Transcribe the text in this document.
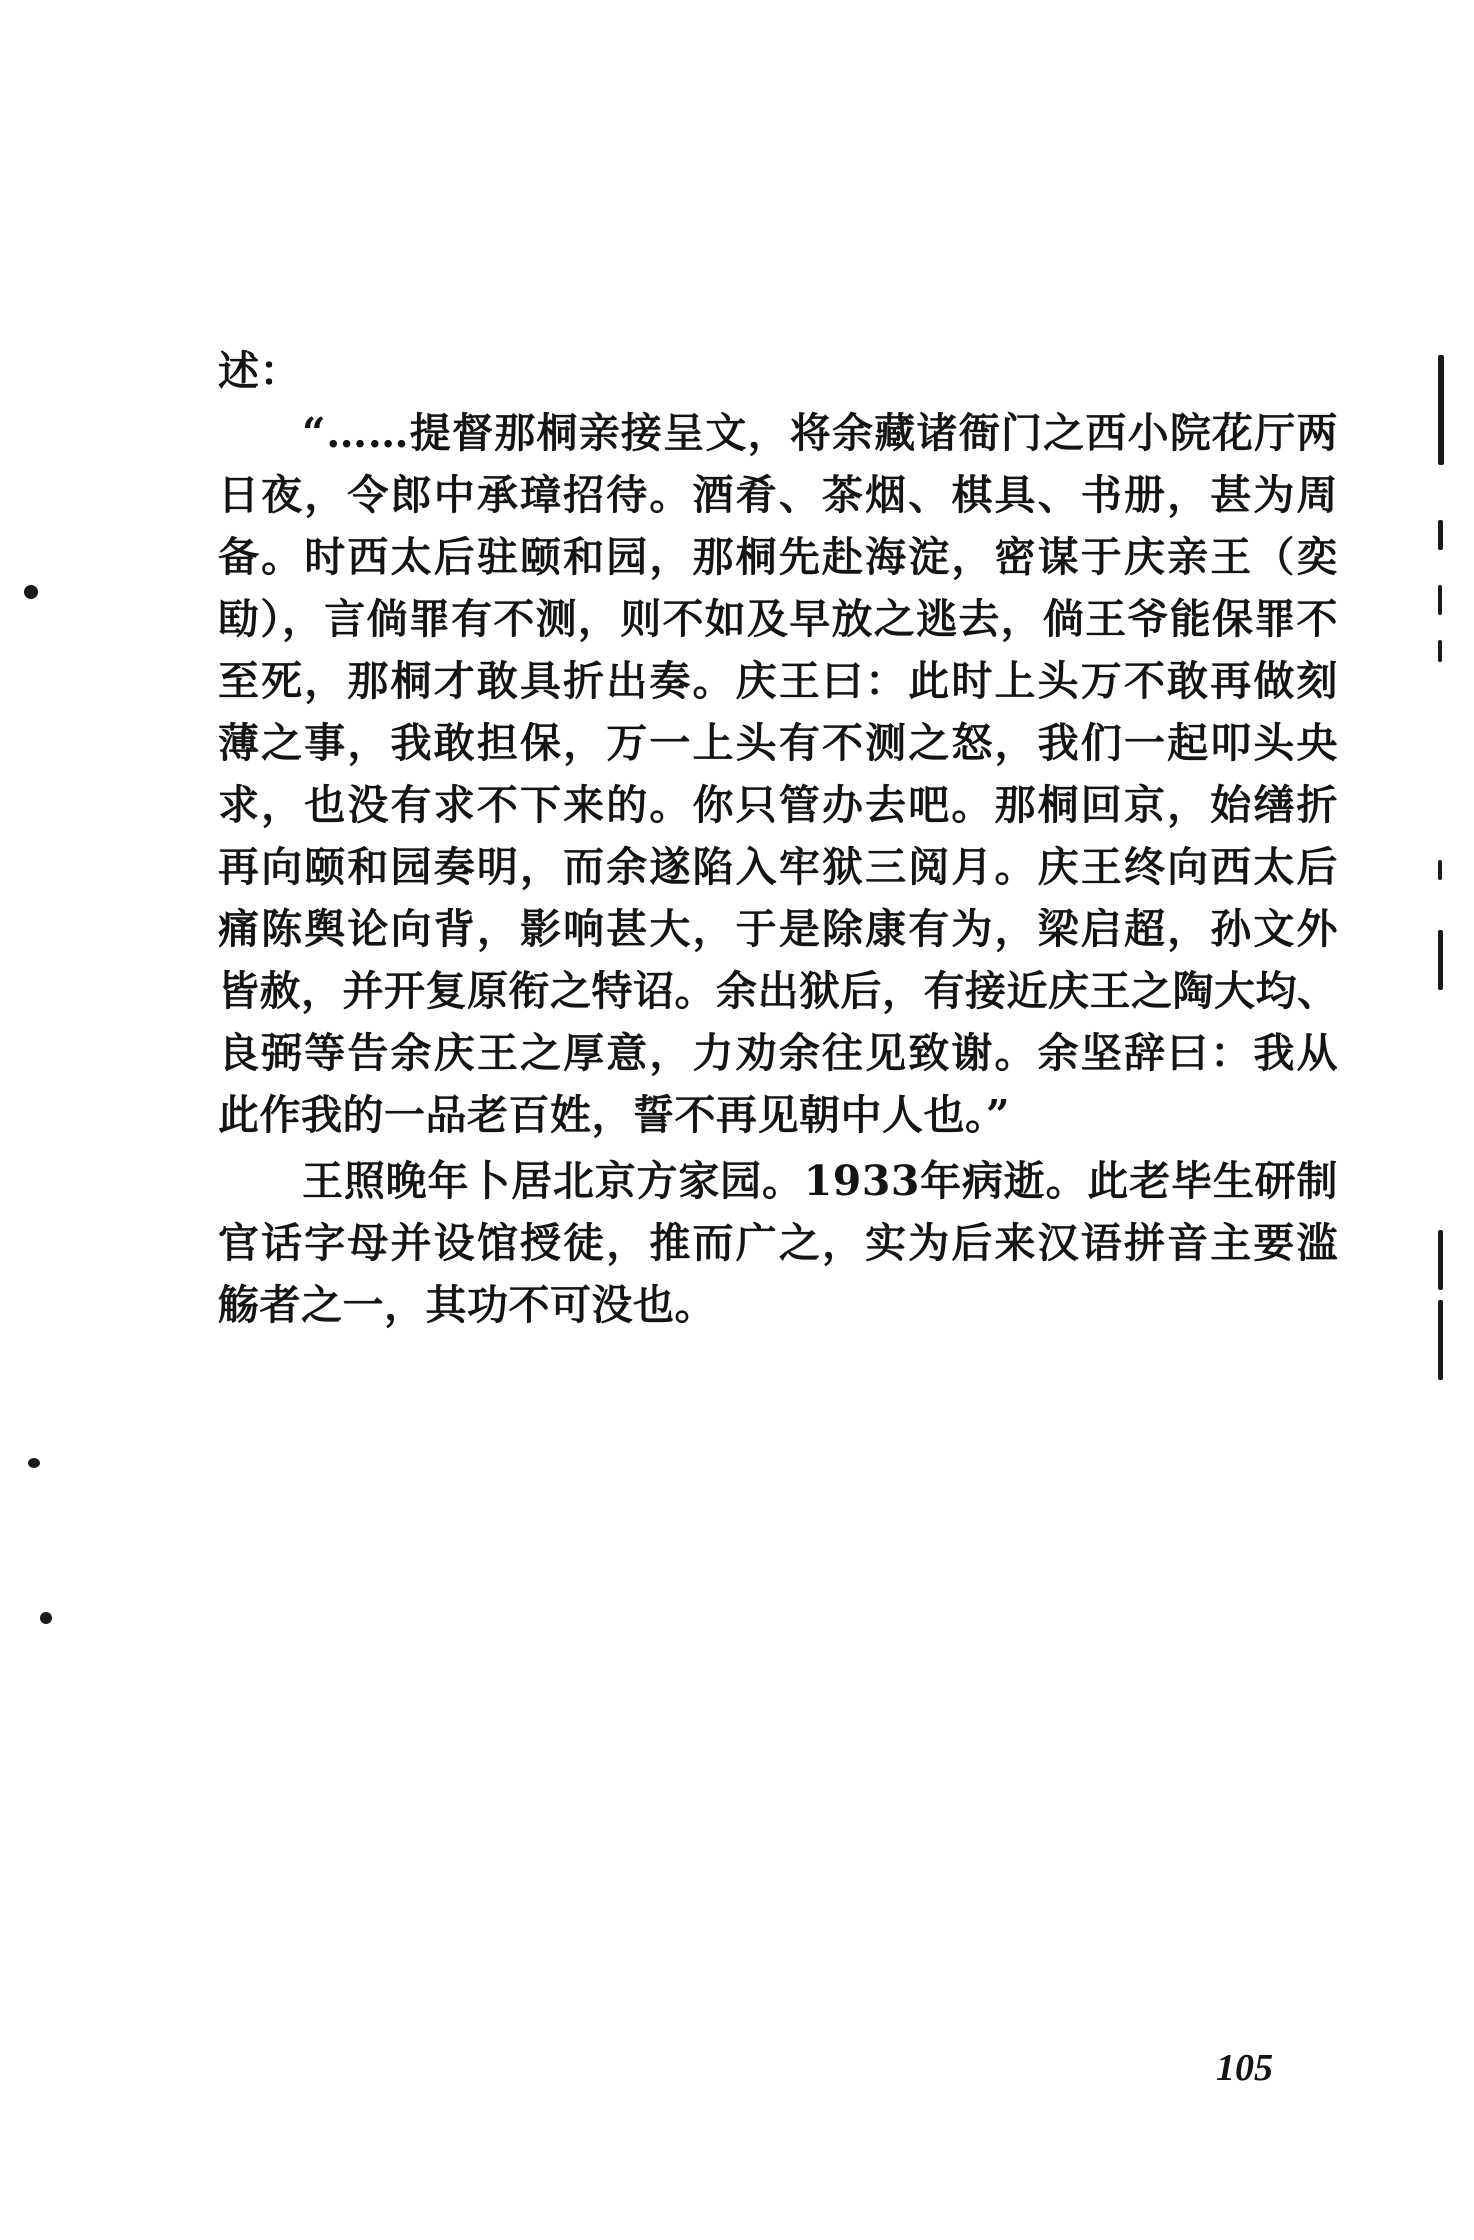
述：
“……提督那桐亲接呈文，将余藏诸衙门之西小院花厅两
日夜，令郎中承璋招待。酒肴、茶烟、棋具、书册，甚为周
备。时西太后驻颐和园，那桐先赴海淀，密谋于庆亲王（奕
劻），言倘罪有不测，则不如及早放之逃去，倘王爷能保罪不
至死，那桐才敢具折出奏。庆王曰：此时上头万不敢再做刻
薄之事，我敢担保，万一上头有不测之怒，我们一起叩头央
求，也没有求不下来的。你只管办去吧。那桐回京，始缮折
再向颐和园奏明，而余遂陷入牢狱三阅月。庆王终向西太后
痛陈舆论向背，影响甚大，于是除康有为，梁启超，孙文外
皆赦，并开复原衔之特诏。余出狱后，有接近庆王之陶大均、
良弼等告余庆王之厚意，力劝余往见致谢。余坚辞曰：我从
此作我的一品老百姓，誓不再见朝中人也。”
王照晚年卜居北京方家园。1933年病逝。此老毕生研制
官话字母并设馆授徒，推而广之，实为后来汉语拼音主要滥
觞者之一，其功不可没也。
105
